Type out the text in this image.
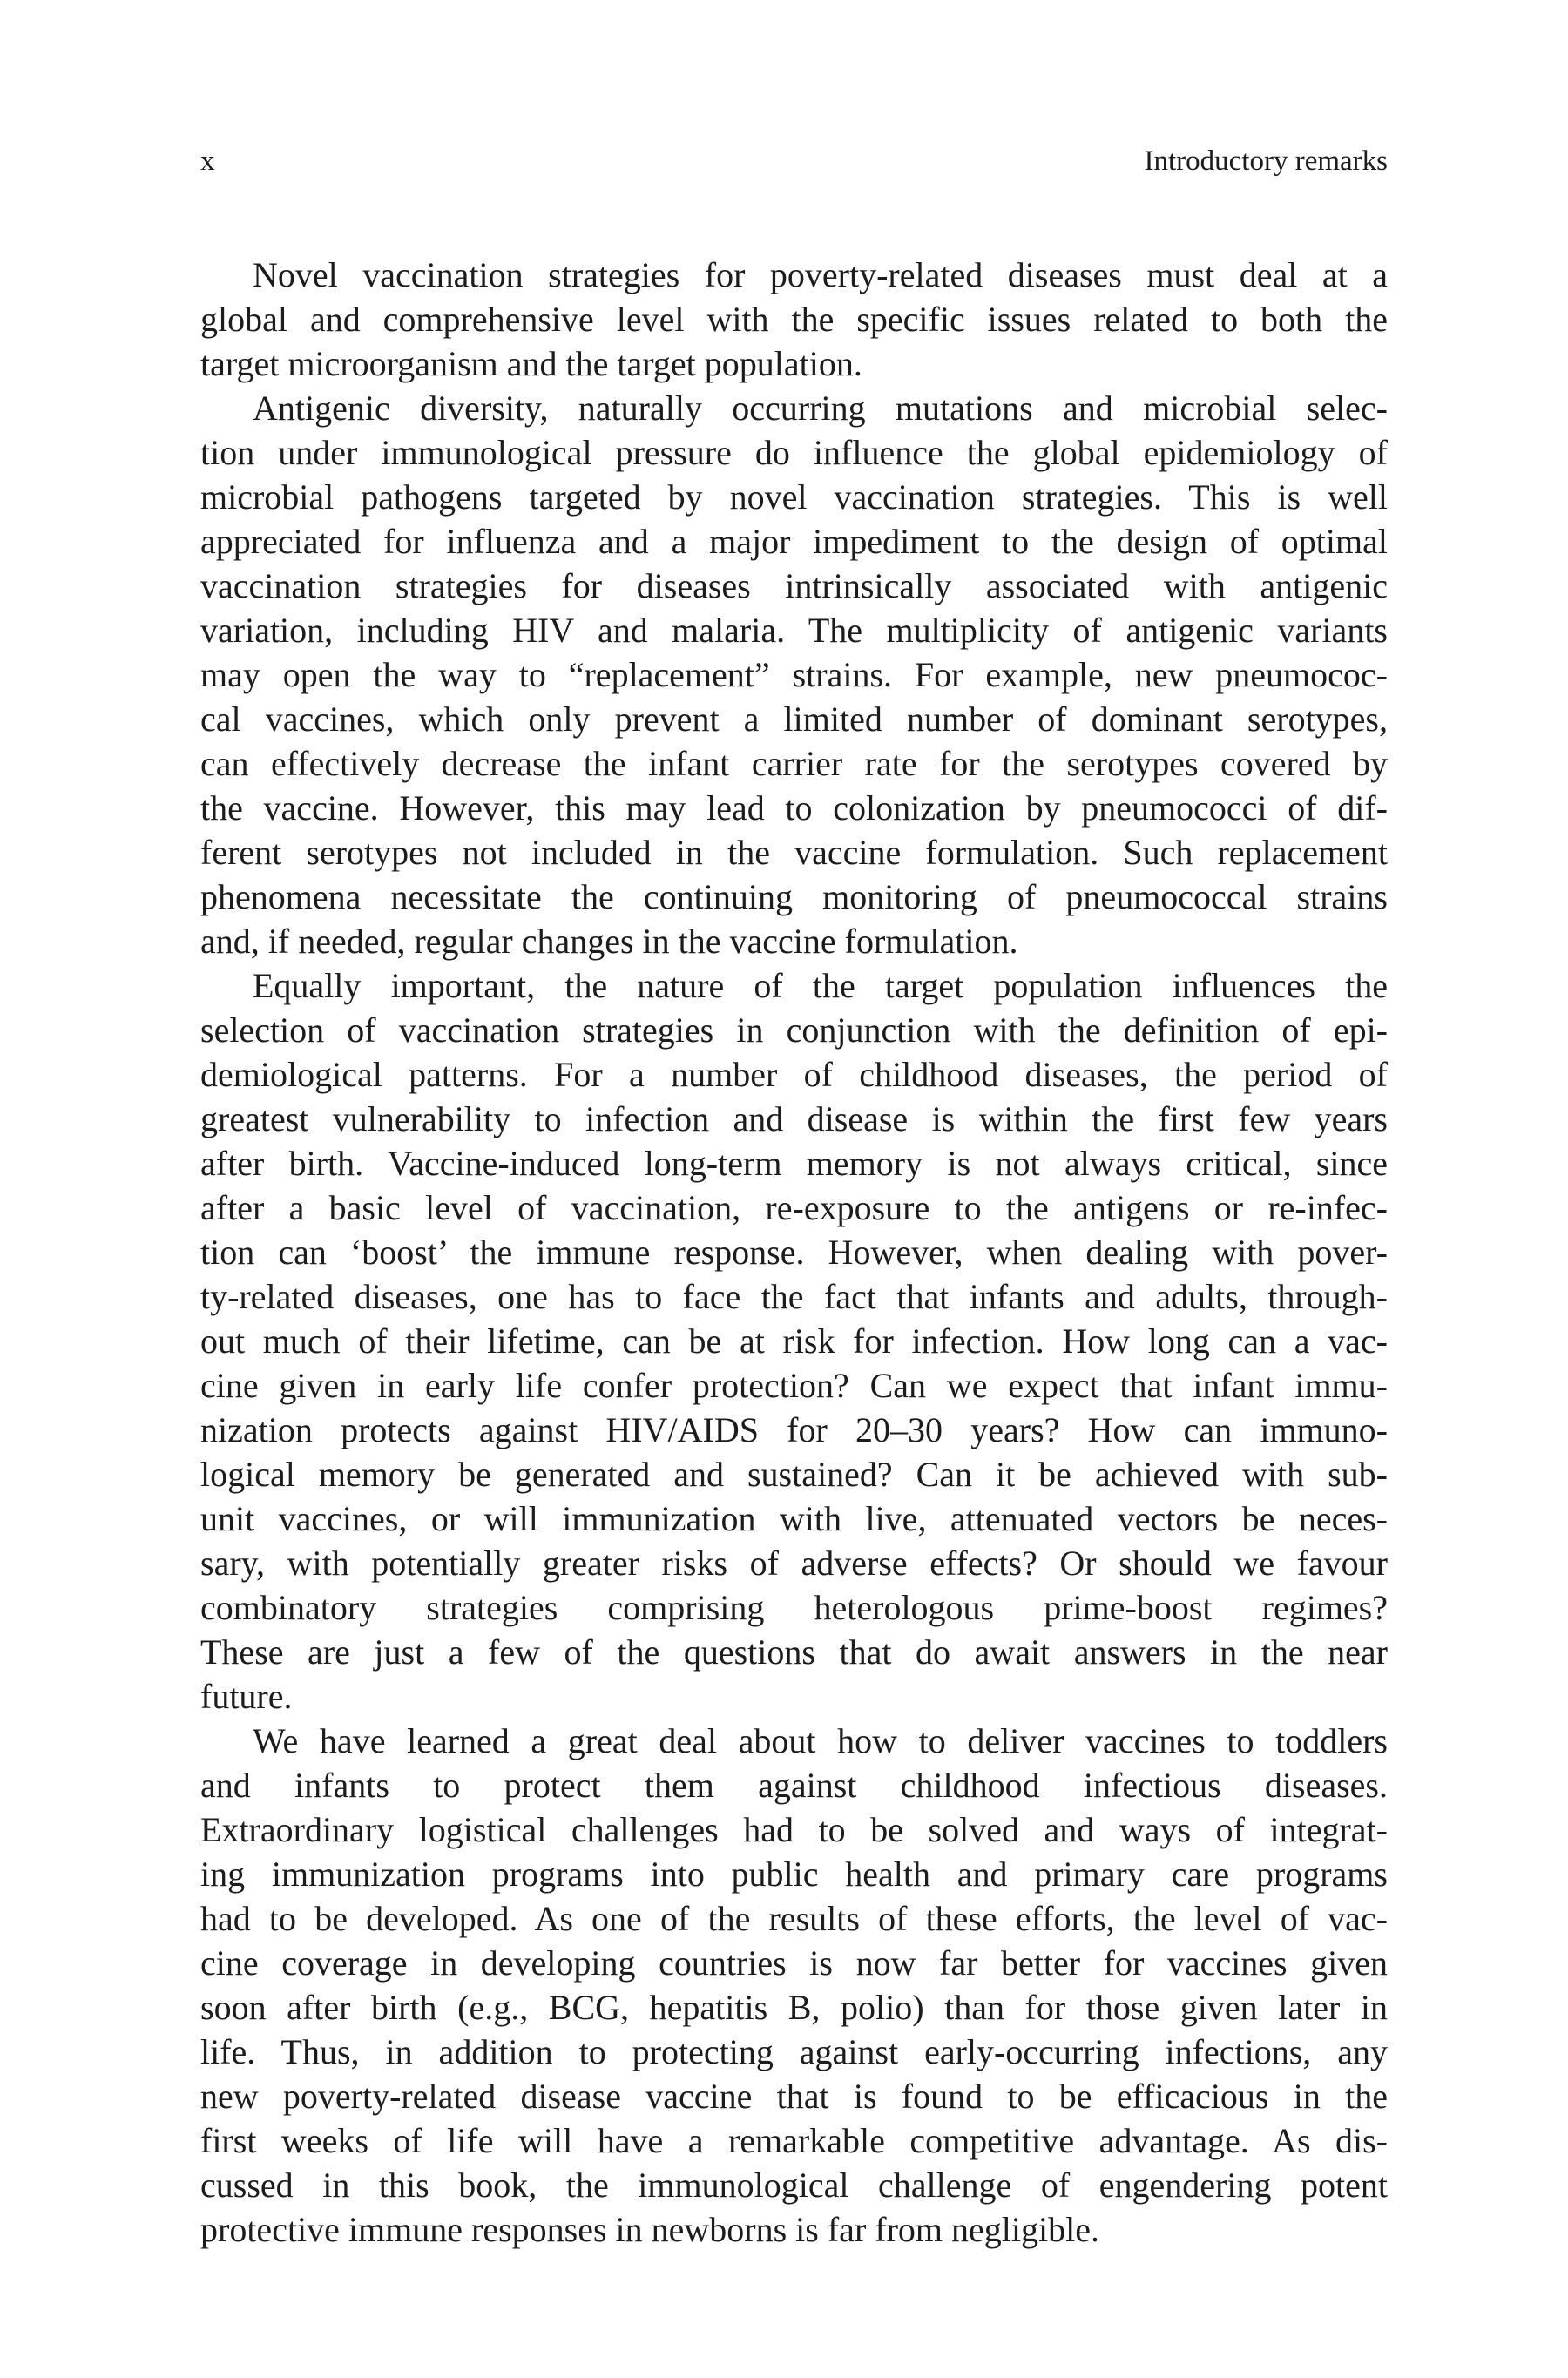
x	Introductory remarks
Novel vaccination strategies for poverty-related diseases must deal at a
global and comprehensive level with the specific issues related to both the
target microorganism and the target population.
Antigenic diversity, naturally occurring mutations and microbial selec-
tion under immunological pressure do influence the global epidemiology of
microbial pathogens targeted by novel vaccination strategies. This is well
appreciated for influenza and a major impediment to the design of optimal
vaccination strategies for diseases intrinsically associated with antigenic
variation, including HIV and malaria. The multiplicity of antigenic variants
may open the way to “replacement” strains. For example, new pneumococ-
cal vaccines, which only prevent a limited number of dominant serotypes,
can effectively decrease the infant carrier rate for the serotypes covered by
the vaccine. However, this may lead to colonization by pneumococci of dif-
ferent serotypes not included in the vaccine formulation. Such replacement
phenomena necessitate the continuing monitoring of pneumococcal strains
and, if needed, regular changes in the vaccine formulation.
Equally important, the nature of the target population influences the
selection of vaccination strategies in conjunction with the definition of epi-
demiological patterns. For a number of childhood diseases, the period of
greatest vulnerability to infection and disease is within the first few years
after birth. Vaccine-induced long-term memory is not always critical, since
after a basic level of vaccination, re-exposure to the antigens or re-infec-
tion can ‘boost’ the immune response. However, when dealing with pover-
ty-related diseases, one has to face the fact that infants and adults, through-
out much of their lifetime, can be at risk for infection. How long can a vac-
cine given in early life confer protection? Can we expect that infant immu-
nization protects against HIV/AIDS for 20–30 years? How can immuno-
logical memory be generated and sustained? Can it be achieved with sub-
unit vaccines, or will immunization with live, attenuated vectors be neces-
sary, with potentially greater risks of adverse effects? Or should we favour
combinatory strategies comprising heterologous prime-boost regimes?
These are just a few of the questions that do await answers in the near
future.
We have learned a great deal about how to deliver vaccines to toddlers
and infants to protect them against childhood infectious diseases.
Extraordinary logistical challenges had to be solved and ways of integrat-
ing immunization programs into public health and primary care programs
had to be developed. As one of the results of these efforts, the level of vac-
cine coverage in developing countries is now far better for vaccines given
soon after birth (e.g., BCG, hepatitis B, polio) than for those given later in
life. Thus, in addition to protecting against early-occurring infections, any
new poverty-related disease vaccine that is found to be efficacious in the
first weeks of life will have a remarkable competitive advantage. As dis-
cussed in this book, the immunological challenge of engendering potent
protective immune responses in newborns is far from negligible.
